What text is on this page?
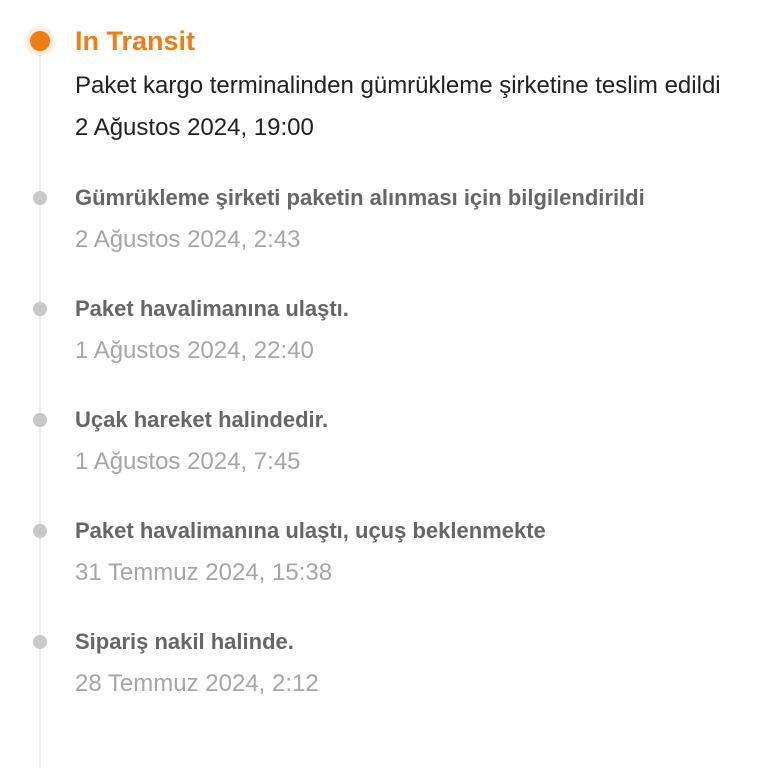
In Transit
Paket kargo terminalinden gümrükleme şirketine teslim edildi
2 Ağustos 2024, 19:00
Gümrükleme şirketi paketin alınması için bilgilendirildi
2 Ağustos 2024, 2:43
Paket havalimanına ulaştı.
1 Ağustos 2024, 22:40
Uçak hareket halindedir.
1 Ağustos 2024, 7:45
Paket havalimanına ulaştı, uçuş beklenmekte
31 Temmuz 2024, 15:38
Sipariş nakil halinde.
28 Temmuz 2024, 2:12
